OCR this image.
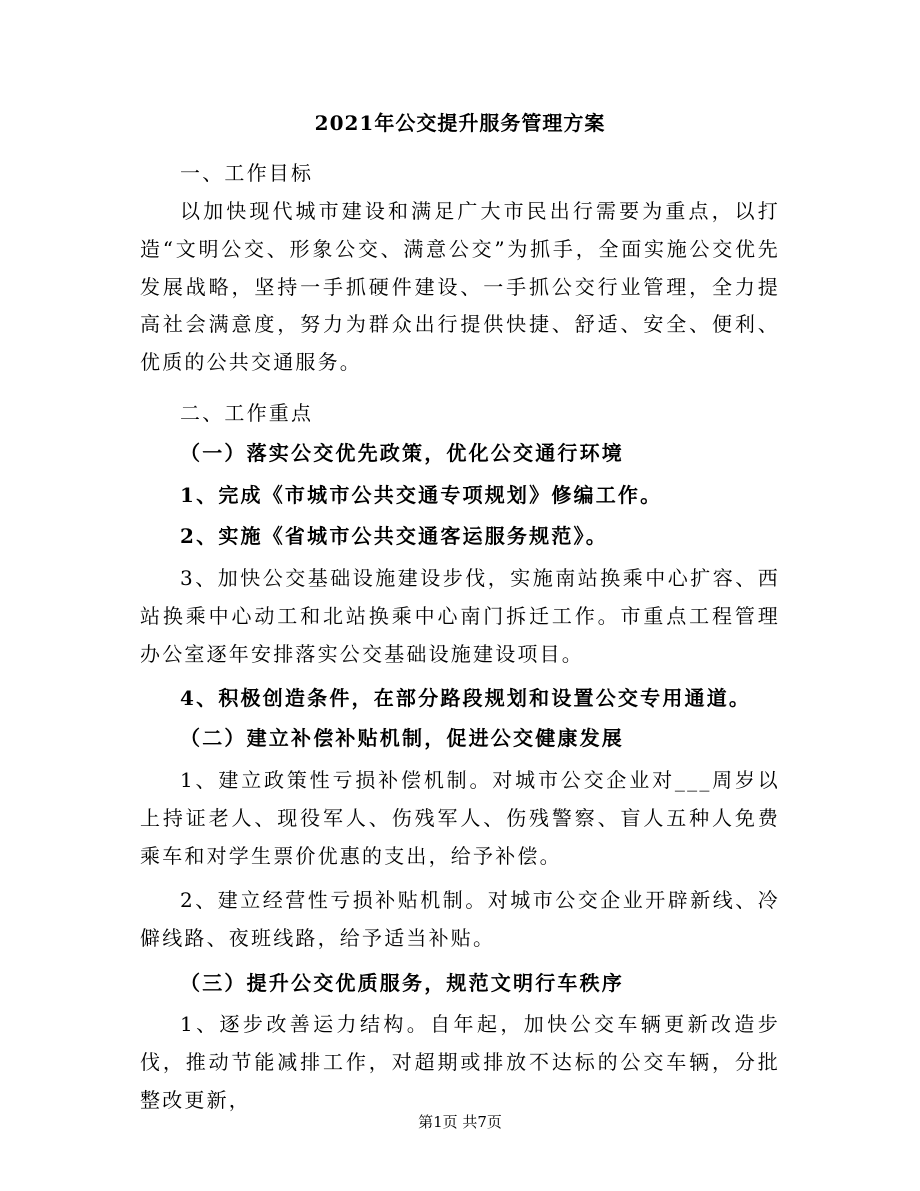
2021年公交提升服务管理方案

一、工作目标

以加快现代城市建设和满足广大市民出行需要为重点，以打造“文明公交、形象公交、满意公交”为抓手，全面实施公交优先发展战略，坚持一手抓硬件建设、一手抓公交行业管理，全力提高社会满意度，努力为群众出行提供快捷、舒适、安全、便利、优质的公共交通服务。

二、工作重点

（一）落实公交优先政策，优化公交通行环境

1、完成《市城市公共交通专项规划》修编工作。

2、实施《省城市公共交通客运服务规范》。

3、加快公交基础设施建设步伐，实施南站换乘中心扩容、西站换乘中心动工和北站换乘中心南门拆迁工作。市重点工程管理办公室逐年安排落实公交基础设施建设项目。

4、积极创造条件，在部分路段规划和设置公交专用通道。

（二）建立补偿补贴机制，促进公交健康发展

1、建立政策性亏损补偿机制。对城市公交企业对___周岁以上持证老人、现役军人、伤残军人、伤残警察、盲人五种人免费乘车和对学生票价优惠的支出，给予补偿。

2、建立经营性亏损补贴机制。对城市公交企业开辟新线、冷僻线路、夜班线路，给予适当补贴。

（三）提升公交优质服务，规范文明行车秩序

1、逐步改善运力结构。自年起，加快公交车辆更新改造步伐，推动节能减排工作，对超期或排放不达标的公交车辆，分批整改更新，

第1页 共7页
